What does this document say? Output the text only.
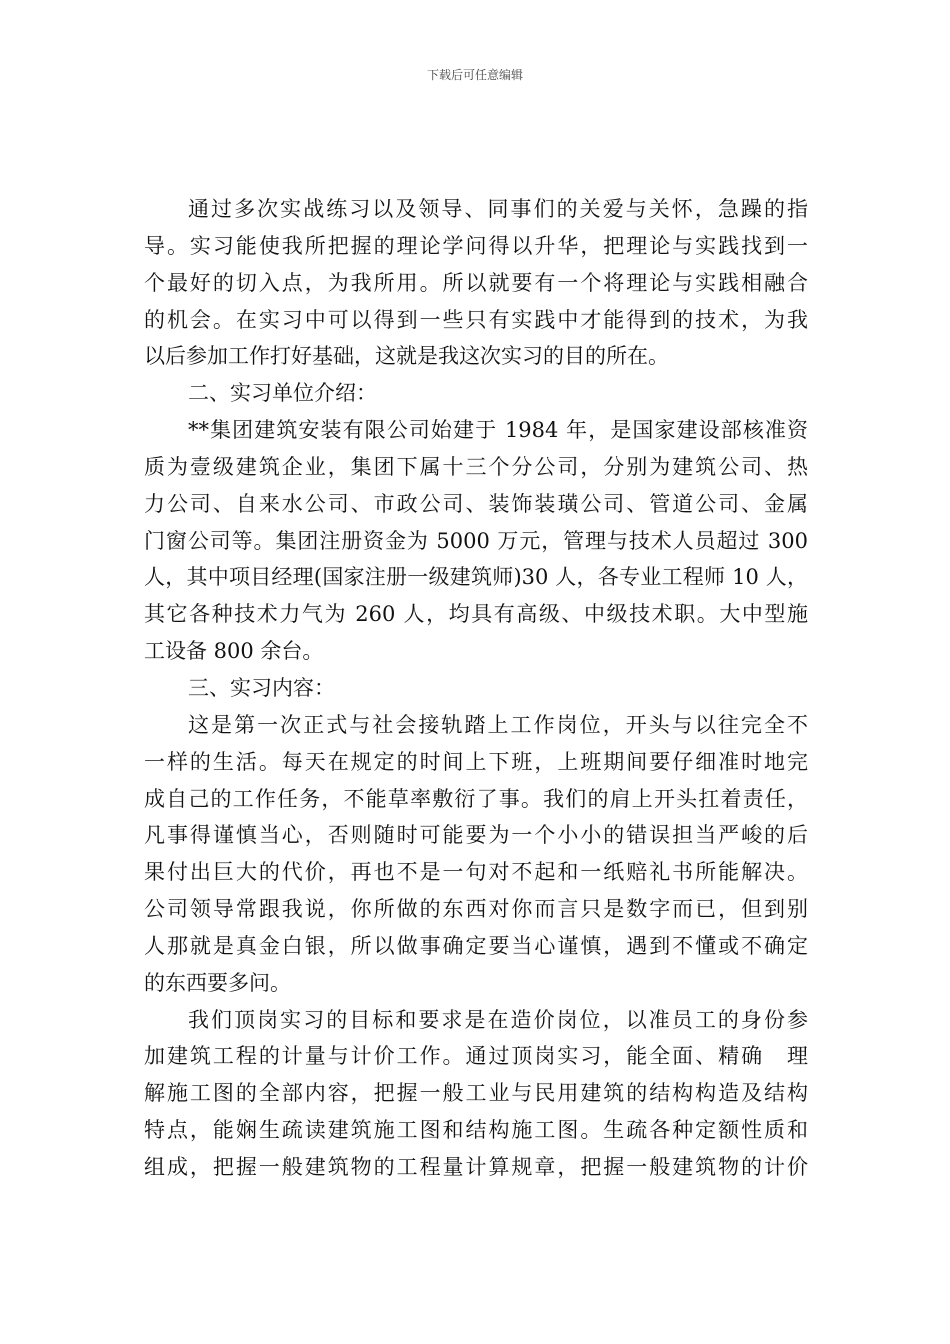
下载后可任意编辑
通过多次实战练习以及领导、同事们的关爱与关怀，急躁的指
导。实习能使我所把握的理论学问得以升华，把理论与实践找到一
个最好的切入点，为我所用。所以就要有一个将理论与实践相融合
的机会。在实习中可以得到一些只有实践中才能得到的技术，为我
以后参加工作打好基础，这就是我这次实习的目的所在。
二、实习单位介绍：
**集团建筑安装有限公司始建于 1984 年，是国家建设部核准资
质为壹级建筑企业，集团下属十三个分公司，分别为建筑公司、热
力公司、自来水公司、市政公司、装饰装璜公司、管道公司、金属
门窗公司等。集团注册资金为 5000 万元，管理与技术人员超过 300
人，其中项目经理(国家注册一级建筑师)30 人，各专业工程师 10 人，
其它各种技术力气为 260 人，均具有高级、中级技术职。大中型施
工设备 800 余台。
三、实习内容：
这是第一次正式与社会接轨踏上工作岗位，开头与以往完全不
一样的生活。每天在规定的时间上下班，上班期间要仔细准时地完
成自己的工作任务，不能草率敷衍了事。我们的肩上开头扛着责任，
凡事得谨慎当心，否则随时可能要为一个小小的错误担当严峻的后
果付出巨大的代价，再也不是一句对不起和一纸赔礼书所能解决。
公司领导常跟我说，你所做的东西对你而言只是数字而已，但到别
人那就是真金白银，所以做事确定要当心谨慎，遇到不懂或不确定
的东西要多问。
我们顶岗实习的目标和要求是在造价岗位，以准员工的身份参
加建筑工程的计量与计价工作。通过顶岗实习，能全面、精确　理
解施工图的全部内容，把握一般工业与民用建筑的结构构造及结构
特点，能娴生疏读建筑施工图和结构施工图。生疏各种定额性质和
组成，把握一般建筑物的工程量计算规章，把握一般建筑物的计价
